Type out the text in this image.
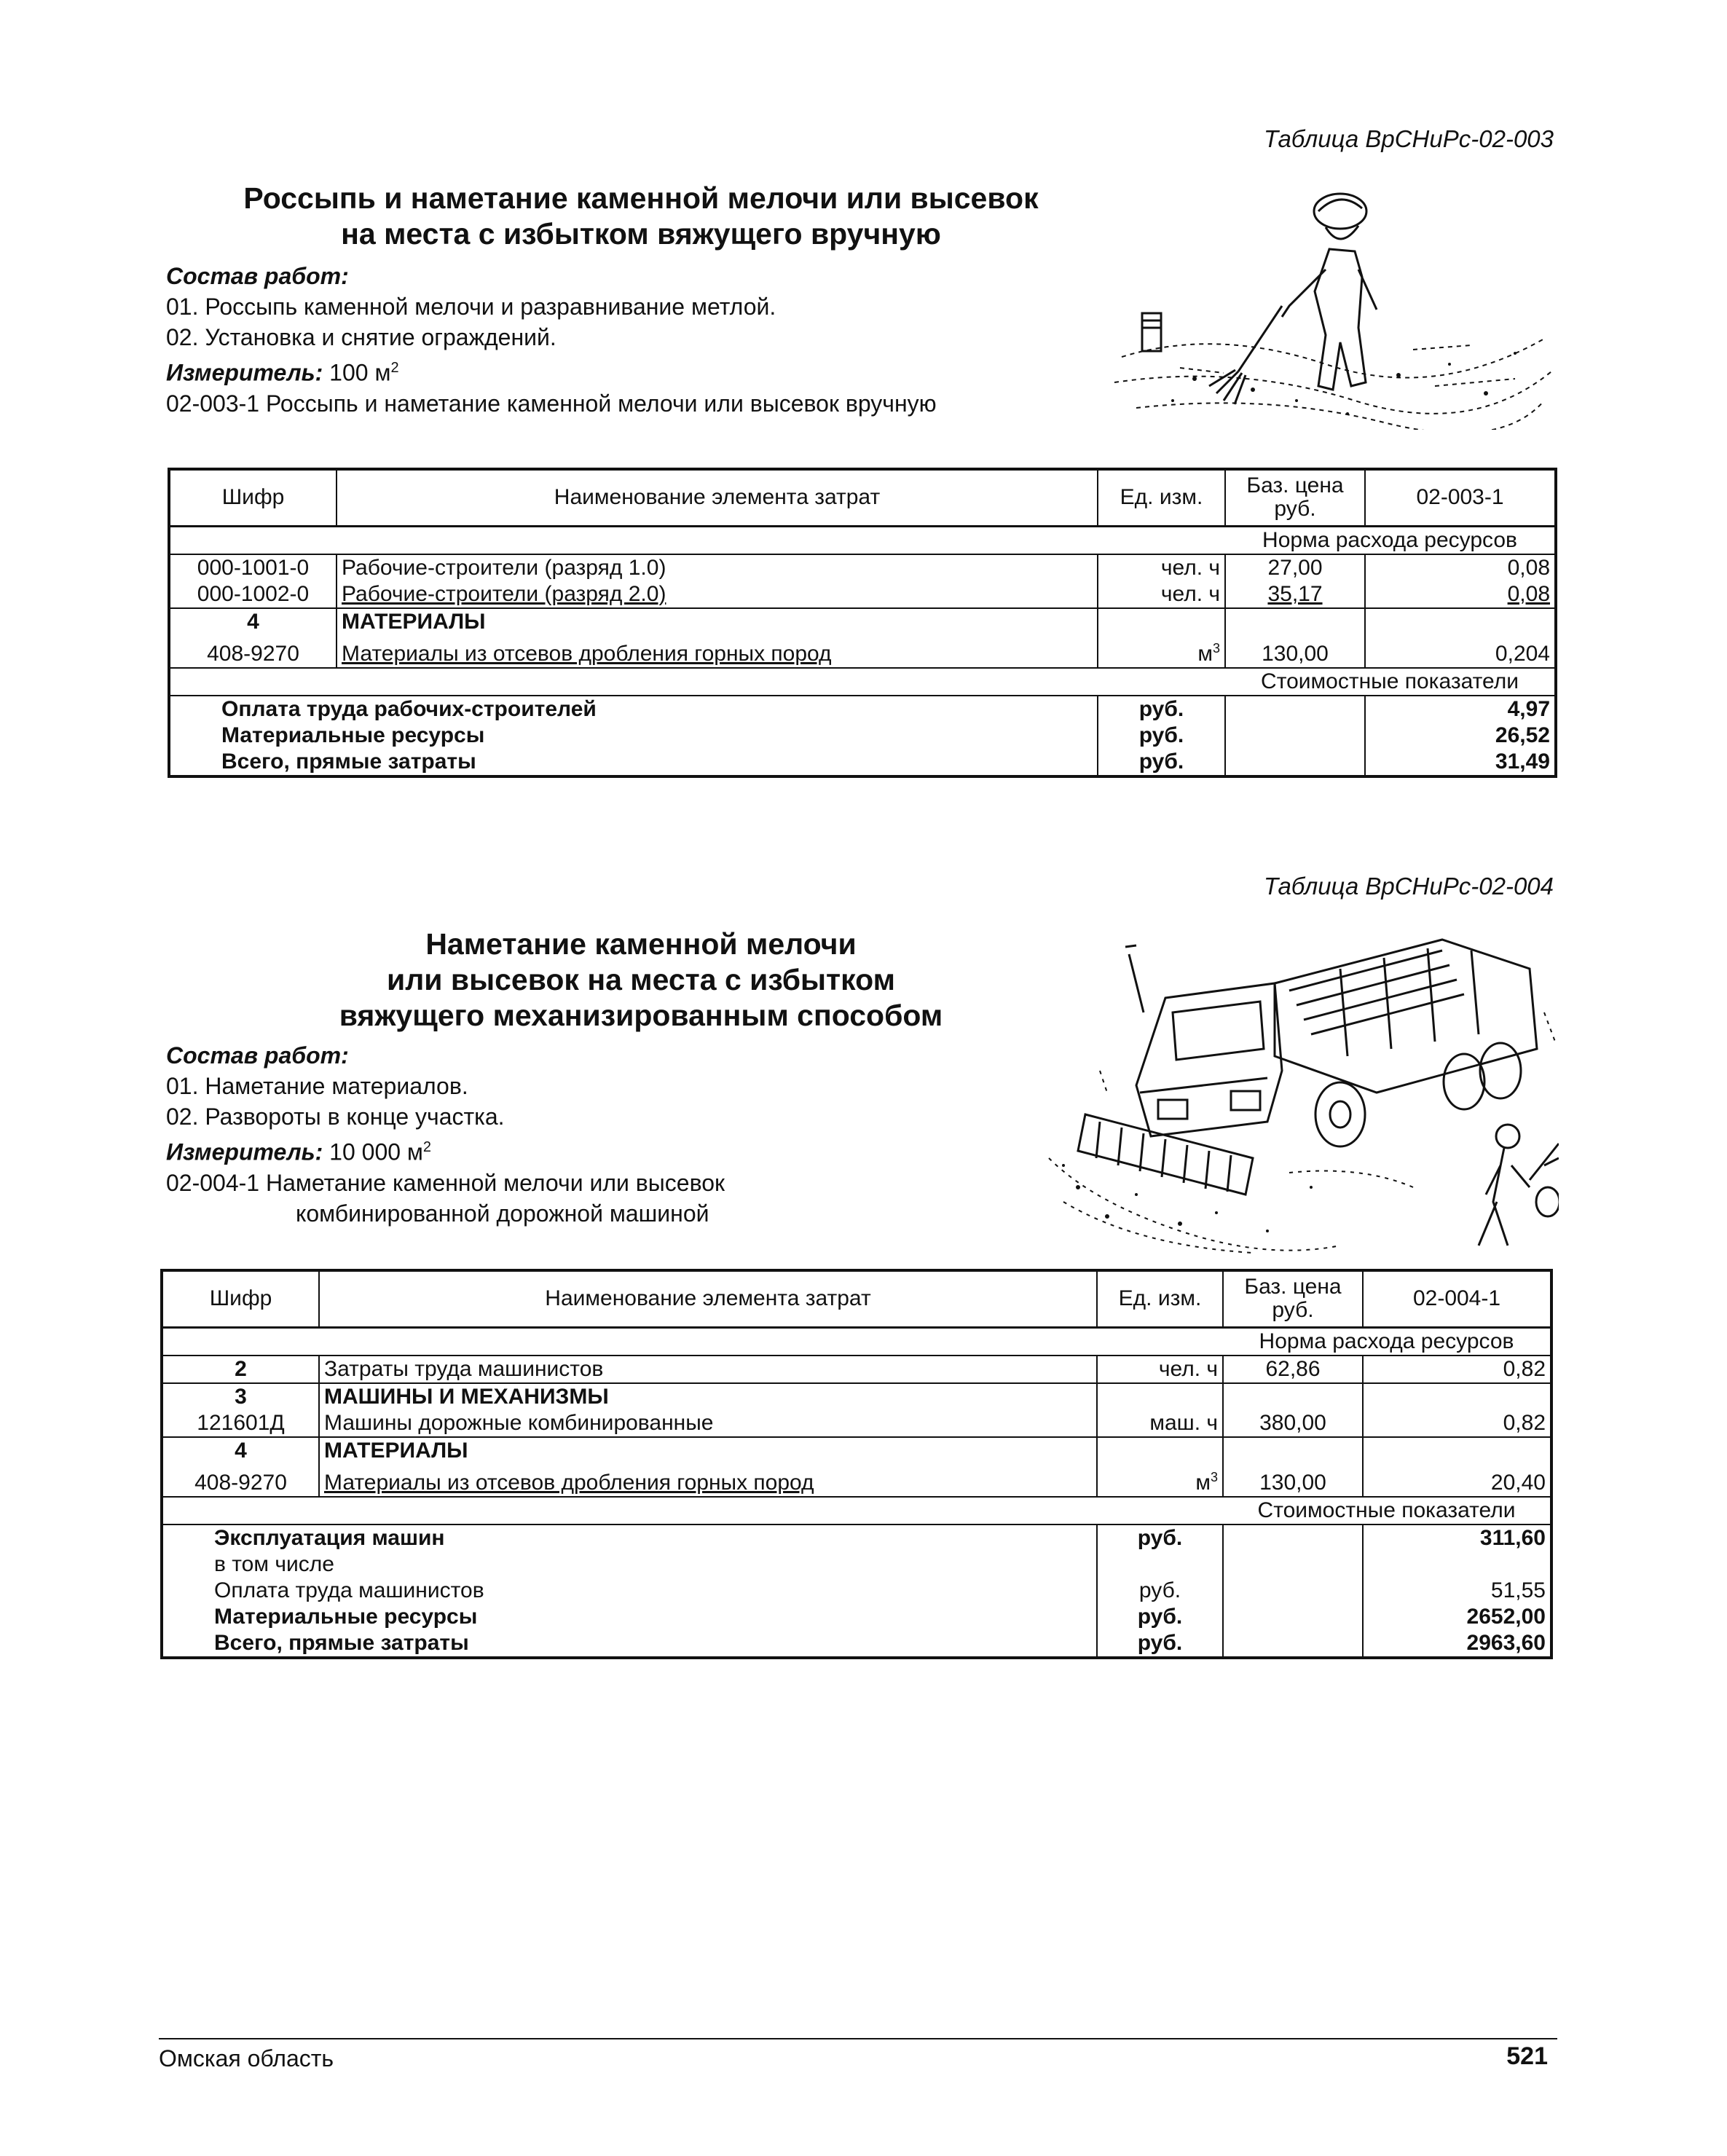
Таблица ВрСНиРс-02-003
Россыпь и наметание каменной мелочи или высевок
на места с избытком вяжущего вручную
Состав работ:
01. Россыпь каменной мелочи и разравнивание метлой.
02. Установка и снятие ограждений.
Измеритель: 100 $м^2$
02-003-1 Россыпь и наметание каменной мелочи или высевок вручную
Шифр	Наименование элемента затрат	Ед. изм.	Баз. цена руб.	02-003-1
			Норма расхода ресурсов	
000-1001-0	Рабочие-строители (разряд 1.0)	чел. ч	27,00	0,08
000-1002-0	Рабочие-строители (разряд 2.0)	чел. ч	35,17	0,08
4	МАТЕРИАЛЫ			
408-9270	Материалы из отсевов дробления горных пород	$м^3$	130,00	0,204
			Стоимостные показатели	
Оплата труда рабочих-строителей		руб.		4,97
Материальные ресурсы		руб.		26,52
Всего, прямые затраты		руб.		31,49
Таблица ВрСНиРс-02-004
Наметание каменной мелочи
или высевок на места с избытком
вяжущего механизированным способом
Состав работ:
01. Наметание материалов.
02. Развороты в конце участка.
Измеритель: 10 000 $м^2$
02-004-1 Наметание каменной мелочи или высевок
комбинированной дорожной машиной
Шифр	Наименование элемента затрат	Ед. изм.	Баз. цена руб.	02-004-1
			Норма расхода ресурсов	
2	Затраты труда машинистов	чел. ч	62,86	0,82
3	МАШИНЫ И МЕХАНИЗМЫ			
121601Д	Машины дорожные комбинированные	маш. ч	380,00	0,82
4	МАТЕРИАЛЫ			
408-9270	Материалы из отсевов дробления горных пород	$м^3$	130,00	20,40
			Стоимостные показатели	
Эксплуатация машин		руб.		311,60
в том числе				
Оплата труда машинистов		руб.		51,55
Материальные ресурсы		руб.		2652,00
Всего, прямые затраты		руб.		2963,60
Омская область	521
